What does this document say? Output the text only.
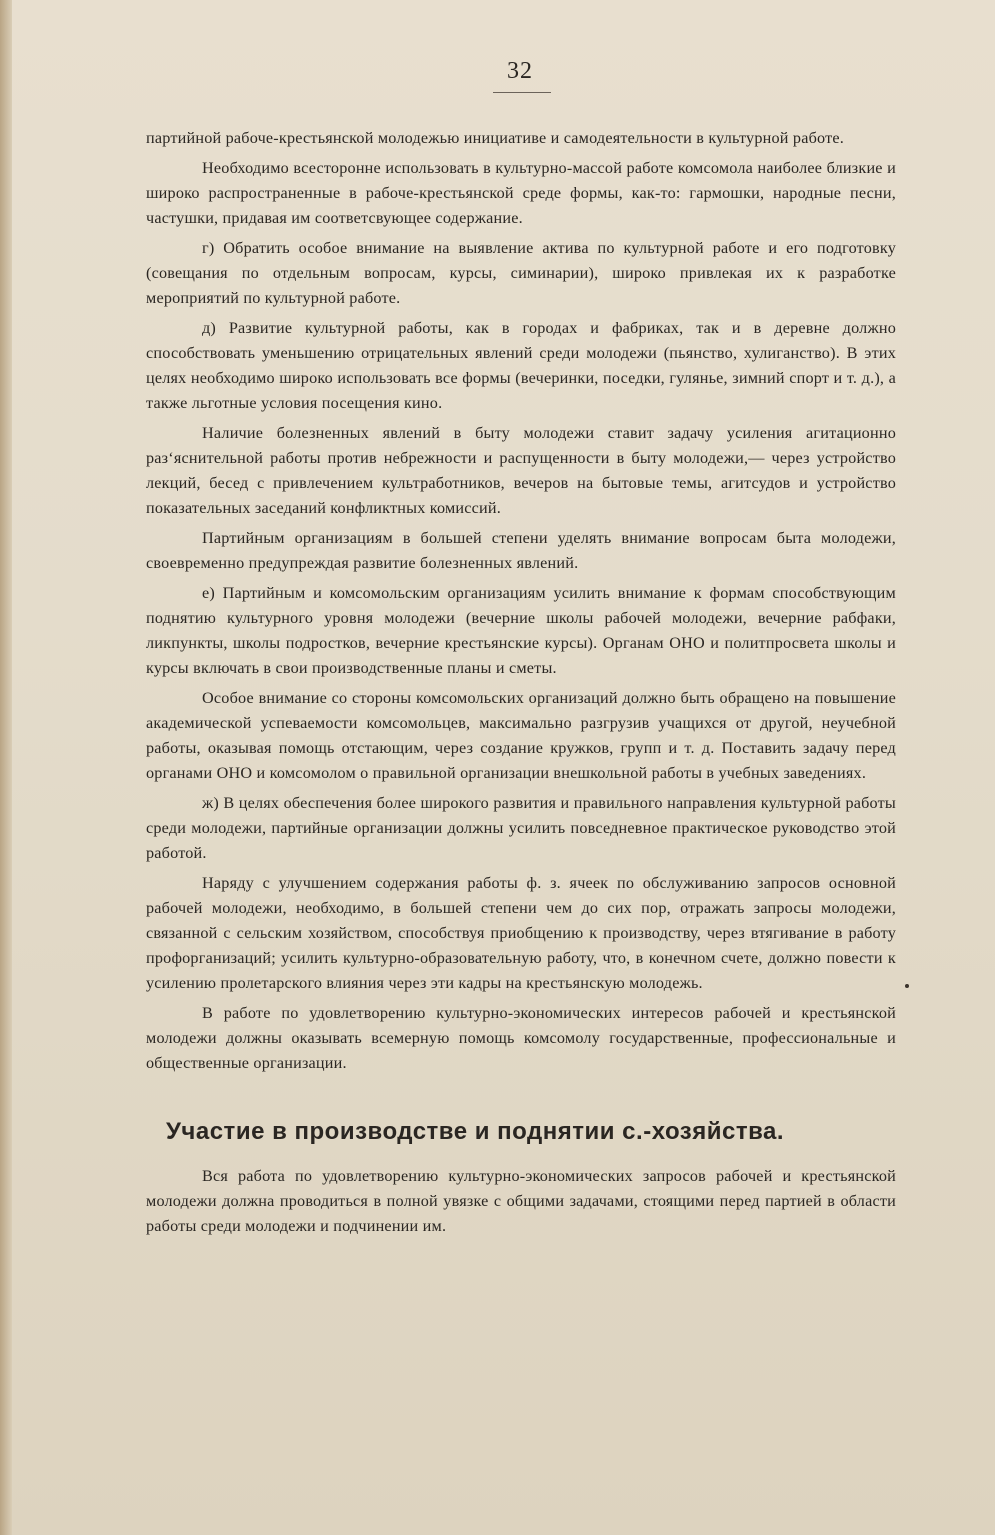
32

партийной рабоче-крестьянской молодежью инициативе и самодеятельности в культурной работе.

Необходимо всесторонне использовать в культурно-массой работе комсомола наиболее близкие и широко распространенные в рабоче-крестьянской среде формы, как-то: гармошки, народные песни, частушки, придавая им соответсвующее содержание.

г) Обратить особое внимание на выявление актива по культурной работе и его подготовку (совещания по отдельным вопросам, курсы, симинарии), широко привлекая их к разработке мероприятий по культурной работе.

д) Развитие культурной работы, как в городах и фабриках, так и в деревне должно способствовать уменьшению отрицательных явлений среди молодежи (пьянство, хулиганство). В этих целях необходимо широко использовать все формы (вечеринки, поседки, гулянье, зимний спорт и т. д.), а также льготные условия посещения кино.

Наличие болезненных явлений в быту молодежи ставит задачу усиления агитационно раз‘яснительной работы против небрежности и распущенности в быту молодежи,— через устройство лекций, бесед с привлечением культработников, вечеров на бытовые темы, агитсудов и устройство показательных заседаний конфликтных комиссий.

Партийным организациям в большей степени уделять внимание вопросам быта молодежи, своевременно предупреждая развитие болезненных явлений.

е) Партийным и комсомольским организациям усилить внимание к формам способствующим поднятию культурного уровня молодежи (вечерние школы рабочей молодежи, вечерние рабфаки, ликпункты, школы подростков, вечерние крестьянские курсы). Органам ОНО и политпросвета школы и курсы включать в свои производственные планы и сметы.

Особое внимание со стороны комсомольских организаций должно быть обращено на повышение академической успеваемости комсомольцев, максимально разгрузив учащихся от другой, неучебной работы, оказывая помощь отстающим, через создание кружков, групп и т. д. Поставить задачу перед органами ОНО и комсомолом о правильной организации внешкольной работы в учебных заведениях.

ж) В целях обеспечения более широкого развития и правильного направления культурной работы среди молодежи, партийные организации должны усилить повседневное практическое руководство этой работой.

Наряду с улучшением содержания работы ф. з. ячеек по обслуживанию запросов основной рабочей молодежи, необходимо, в большей степени чем до сих пор, отражать запросы молодежи, связанной с сельским хозяйством, способствуя приобщению к производству, через втягивание в работу профорганизаций; усилить культурно-образовательную работу, что, в конечном счете, должно повести к усилению пролетарского влияния через эти кадры на крестьянскую молодежь.

В работе по удовлетворению культурно-экономических интересов рабочей и крестьянской молодежи должны оказывать всемерную помощь комсомолу государственные, профессиональные и общественные организации.

Участие в производстве и поднятии с.-хозяйства.

Вся работа по удовлетворению культурно-экономических запросов рабочей и крестьянской молодежи должна проводиться в полной увязке с общими задачами, стоящими перед партией в области работы среди молодежи и подчинении им.
